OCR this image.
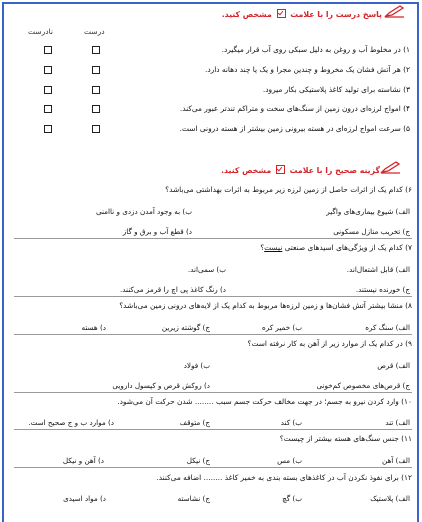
پاسخ درست را با علامت  مشخص کنید.
درست
نادرست
۱) در مخلوط آب و روغن به دلیل سبکی روی آب قرار میگیرد.
۲) هر آتش فشان یک مخروط و چندین مجرا و یک یا چند دهانه دارد.
۳) نشاسته برای تولید کاغذ پلاستیکی بکار میرود.
۴) امواج لرزه‌ای درون زمین از سنگ‌های سخت و متراکم تندتر عبور می‌کند.
۵) سرعت امواج لرزه‌ای در هسته بیرونی زمین بیشتر از هسته درونی است.
گزینه صحیح را با علامت  مشخص کنید.
۶) کدام یک از اثرات حاصل از زمین لرزه زیر مربوط به اثرات بهداشتی می‌باشد؟
الف) شیوع بیماری‌های واگیر
ب) به وجود آمدن دزدی و ناامنی
ج) تخریب منازل مسکونی
د) قطع آب و برق و گاز
۷) کدام یک از ویژگی‌های اسیدهای صنعتی نیست؟
الف) قابل اشتعال‌اند.
ب) سمی‌اند.
ج) خورنده نیستند.
د) رنگ کاغذ پی اچ را قرمز می‌کنند.
۸) منشا بیشتر آتش فشان‌ها و زمین لرزه‌ها مربوط به کدام یک از لایه‌های درونی زمین می‌باشد؟
الف) سنگ کره
ب) خمیر کره
ج) گوشته زیرین
د) هسته
۹) در کدام یک از موارد زیر از آهن به کار نرفته است؟
الف) قرص
ب) فولاد
ج) قرص‌های مخصوص کم‌خونی
د) روکش قرص و کپسول دارویی
۱۰) وارد کردن نیرو به جسم؛ در جهت مخالف حرکت جسم سبب ........ شدن حرکت آن می‌شود.
الف) تند
ب) کند
ج) متوقف
د) موارد ب و ج صحیح است.
۱۱) جنس سنگ‌های هسته بیشتر از چیست؟
الف) آهن
ب) مس
ج) نیکل
د) آهن و نیکل
۱۲) برای نفوذ نکردن آب در کاغذهای بسته بندی به خمیر کاغذ ........ اضافه می‌کنند.
الف) پلاستیک
ب) گچ
ج) نشاسته
د) مواد اسیدی
